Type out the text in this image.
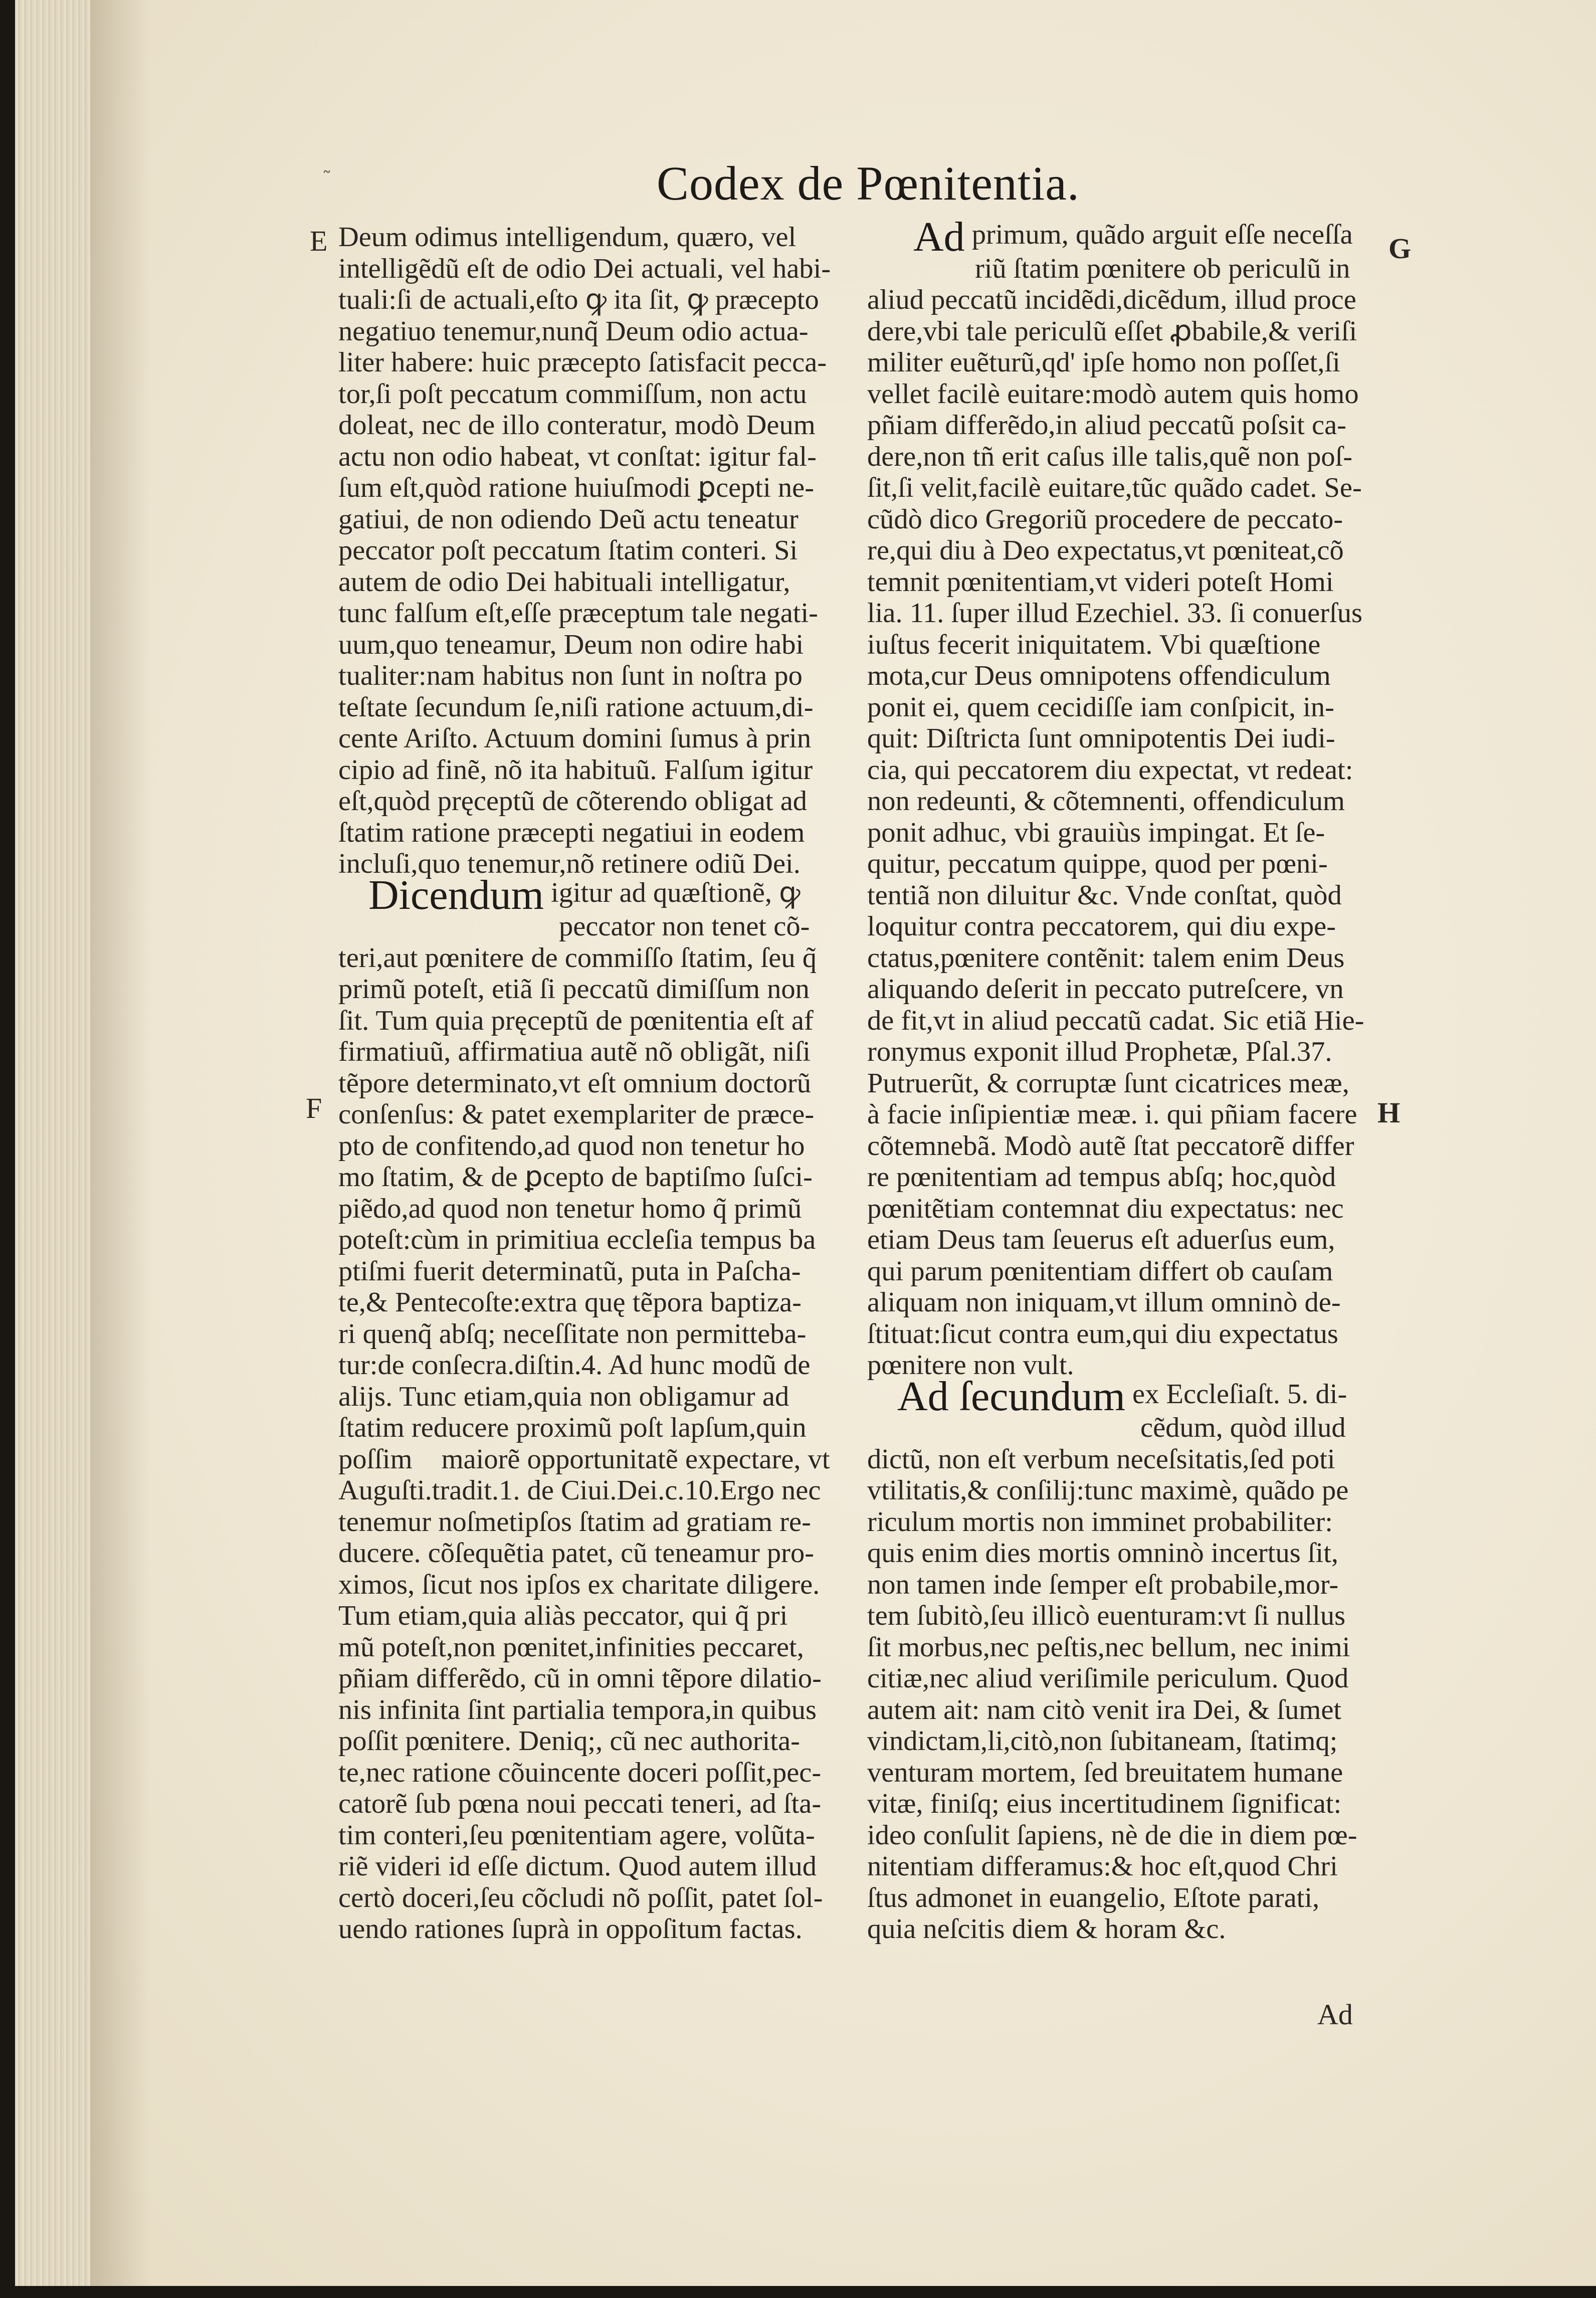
Codex de Pœnitentia.
E
F
G
H
Deum odimus intelligendum, quæro, vel
intelligẽdũ eſt de odio Dei actuali, vel habi-
tuali:ſi de actuali,eſto ꝙ ita ſit, ꝙ præcepto
negatiuo tenemur,nunq̃ Deum odio actua-
liter habere: huic præcepto ſatisfacit pecca-
tor,ſi poſt peccatum commiſſum, non actu
doleat, nec de illo conteratur, modò Deum
actu non odio habeat, vt conſtat: igitur fal-
ſum eſt,quòd ratione huiuſmodi ꝑcepti ne-
gatiui, de non odiendo Deũ actu teneatur
peccator poſt peccatum ſtatim conteri. Si
autem de odio Dei habituali intelligatur,
tunc falſum eſt,eſſe præceptum tale negati-
uum,quo teneamur, Deum non odire habi
tualiter:nam habitus non ſunt in noſtra po
teſtate ſecundum ſe,niſi ratione actuum,di-
cente Ariſto. Actuum domini ſumus à prin
cipio ad finẽ, nõ ita habituũ. Falſum igitur
eſt,quòd pręceptũ de cõterendo obligat ad
ſtatim ratione præcepti negatiui in eodem
incluſi,quo tenemur,nõ retinere odiũ Dei.
Dicendum igitur ad quæſtionẽ, ꝙ
peccator non tenet cõ-
teri,aut pœnitere de commiſſo ſtatim, ſeu q̃
primũ poteſt, etiã ſi peccatũ dimiſſum non
ſit. Tum quia pręceptũ de pœnitentia eſt af
firmatiuũ, affirmatiua autẽ nõ obligãt, niſi
tẽpore determinato,vt eſt omnium doctorũ
conſenſus: & patet exemplariter de præce-
pto de confitendo,ad quod non tenetur ho
mo ſtatim, & de ꝑcepto de baptiſmo ſuſci-
piẽdo,ad quod non tenetur homo q̃ primũ
poteſt:cùm in primitiua eccleſia tempus ba
ptiſmi fuerit determinatũ, puta in Paſcha-
te,& Pentecoſte:extra quę tẽpora baptiza-
ri quenq̃ abſq; neceſſitate non permitteba-
tur:de conſecra.diſtin.4. Ad hunc modũ de
alijs. Tunc etiam,quia non obligamur ad
ſtatim reducere proximũ poſt lapſum,quin
poſſim᷒ maiorẽ opportunitatẽ expectare, vt
Auguſti.tradit.1. de Ciui.Dei.c.10.Ergo nec
tenemur noſmetipſos ſtatim ad gratiam re-
ducere. cõſequẽtia patet, cũ teneamur pro-
ximos, ſicut nos ipſos ex charitate diligere.
Tum etiam,quia aliàs peccator, qui q̃ pri
mũ poteſt,non pœnitet,infinities peccaret,
pñiam differẽdo, cũ in omni tẽpore dilatio-
nis infinita ſint partialia tempora,in quibus
poſſit pœnitere. Deniq;, cũ nec authorita-
te,nec ratione cõuincente doceri poſſit,pec-
catorẽ ſub pœna noui peccati teneri, ad ſta-
tim conteri,ſeu pœnitentiam agere, volũta-
riẽ videri id eſſe dictum. Quod autem illud
certò doceri,ſeu cõcludi nõ poſſit, patet ſol-
uendo rationes ſuprà in oppoſitum factas.
Ad primum, quãdo arguit eſſe neceſſa
riũ ſtatim pœnitere ob periculũ in
aliud peccatũ incidẽdi,dicẽdum, illud proce
dere,vbi tale periculũ eſſet ꝓbabile,& veriſi
militer euẽturũ,qd' ipſe homo non poſſet,ſi
vellet facilè euitare:modò autem quis homo
pñiam differẽdo,in aliud peccatũ poſsit ca-
dere,non tñ erit caſus ille talis,quẽ non poſ-
ſit,ſi velit,facilè euitare,tũc quãdo cadet. Se-
cũdò dico Gregoriũ procedere de peccato-
re,qui diu à Deo expectatus,vt pœniteat,cõ
temnit pœnitentiam,vt videri poteſt Homi
lia. 11. ſuper illud Ezechiel. 33. ſi conuerſus
iuſtus fecerit iniquitatem. Vbi quæſtione
mota,cur Deus omnipotens offendiculum
ponit ei, quem cecidiſſe iam conſpicit, in-
quit: Diſtricta ſunt omnipotentis Dei iudi-
cia, qui peccatorem diu expectat, vt redeat:
non redeunti, & cõtemnenti, offendiculum
ponit adhuc, vbi grauiùs impingat. Et ſe-
quitur, peccatum quippe, quod per pœni-
tentiã non diluitur &c. Vnde conſtat, quòd
loquitur contra peccatorem, qui diu expe-
ctatus,pœnitere contẽnit: talem enim Deus
aliquando deſerit in peccato putreſcere, vn
de fit,vt in aliud peccatũ cadat. Sic etiã Hie-
ronymus exponit illud Prophetæ, Pſal.37.
Putruerũt, & corruptæ ſunt cicatrices meæ,
à facie inſipientiæ meæ. i. qui pñiam facere
cõtemnebã. Modò autẽ ſtat peccatorẽ differ
re pœnitentiam ad tempus abſq; hoc,quòd
pœnitẽtiam contemnat diu expectatus: nec
etiam Deus tam ſeuerus eſt aduerſus eum,
qui parum pœnitentiam differt ob cauſam
aliquam non iniquam,vt illum omninò de-
ſtituat:ſicut contra eum,qui diu expectatus
pœnitere non vult.
Ad ſecundum ex Eccleſiaſt. 5. di-
cẽdum, quòd illud
dictũ, non eſt verbum neceſsitatis,ſed poti᷒
vtilitatis,& conſilij:tunc maximè, quãdo pe
riculum mortis non imminet probabiliter:
quis enim dies mortis omninò incertus ſit,
non tamen inde ſemper eſt probabile,mor-
tem ſubitò,ſeu illicò euenturam:vt ſi nullus
ſit morbus,nec peſtis,nec bellum, nec inimi
citiæ,nec aliud veriſimile periculum. Quod
autem ait: nam citò venit ira Dei, & ſumet
vindictam,li,citò,non ſubitaneam, ſtatimq;
venturam mortem, ſed breuitatem humane
vitæ, finiſq; eius incertitudinem ſignificat:
ideo conſulit ſapiens, nè de die in diem pœ-
nitentiam differamus:& hoc eſt,quod Chri
ſtus admonet in euangelio, Eſtote parati,
quia neſcitis diem & horam &c.
Ad
˜
